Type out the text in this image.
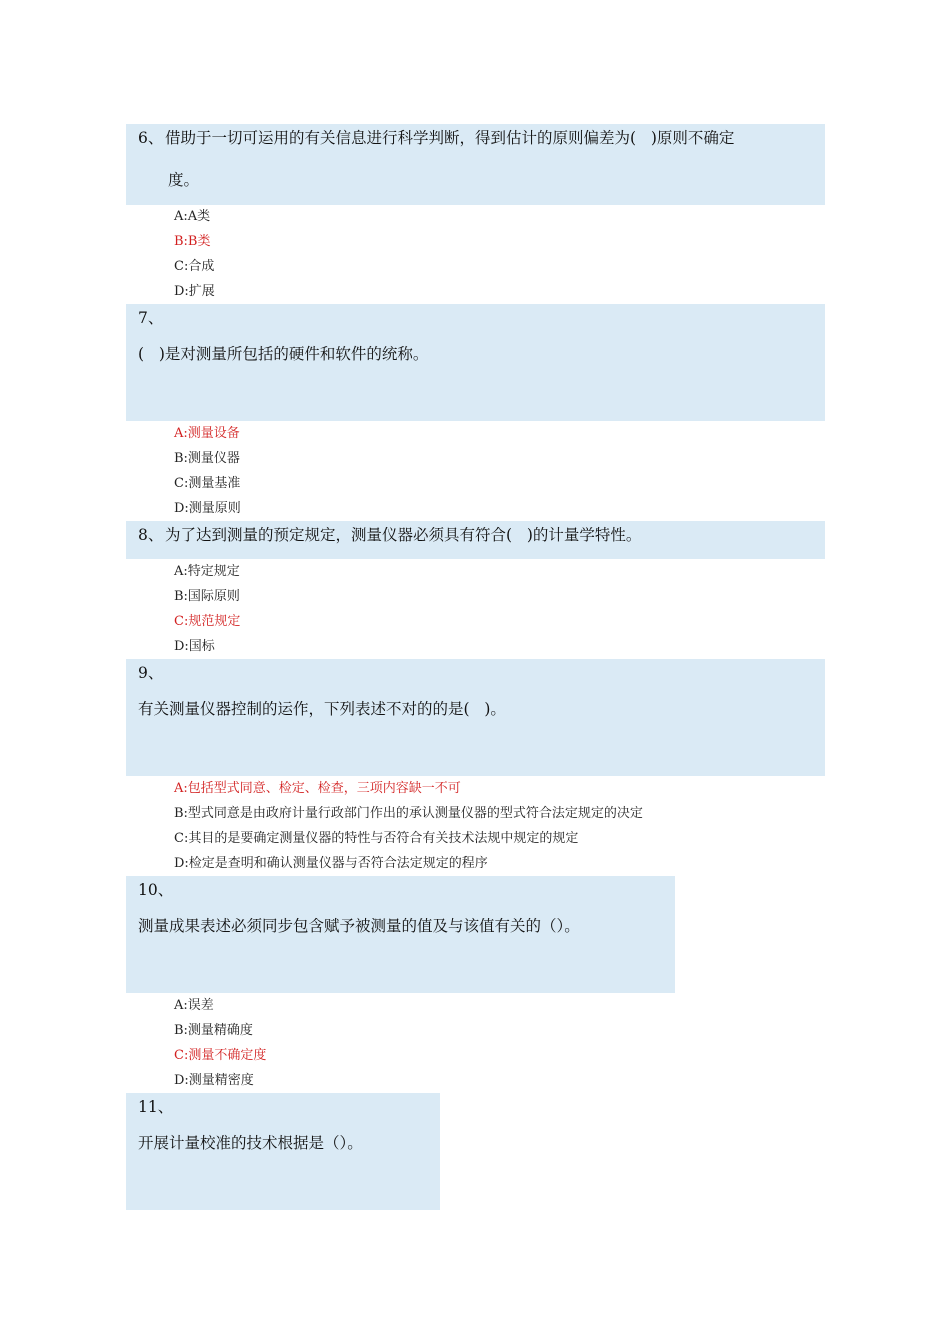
6、 借助于一切可运用的有关信息进行科学判断，得到估计的原则偏差为(   )原则不确定
度。
A:A类
B:B类
C:合成
D:扩展
7、
(   )是对测量所包括的硬件和软件的统称。
A:测量设备
B:测量仪器
C:测量基准
D:测量原则
8、 为了达到测量的预定规定，测量仪器必须具有符合(   )的计量学特性。
A:特定规定
B:国际原则
C:规范规定
D:国标
9、
有关测量仪器控制的运作，下列表述不对的的是(   )。
A:包括型式同意、检定、检查，三项内容缺一不可
B:型式同意是由政府计量行政部门作出的承认测量仪器的型式符合法定规定的决定
C:其目的是要确定测量仪器的特性与否符合有关技术法规中规定的规定
D:检定是查明和确认测量仪器与否符合法定规定的程序
10、
测量成果表述必须同步包含赋予被测量的值及与该值有关的（）。
A:误差
B:测量精确度
C:测量不确定度
D:测量精密度
11、
开展计量校准的技术根据是（）。
